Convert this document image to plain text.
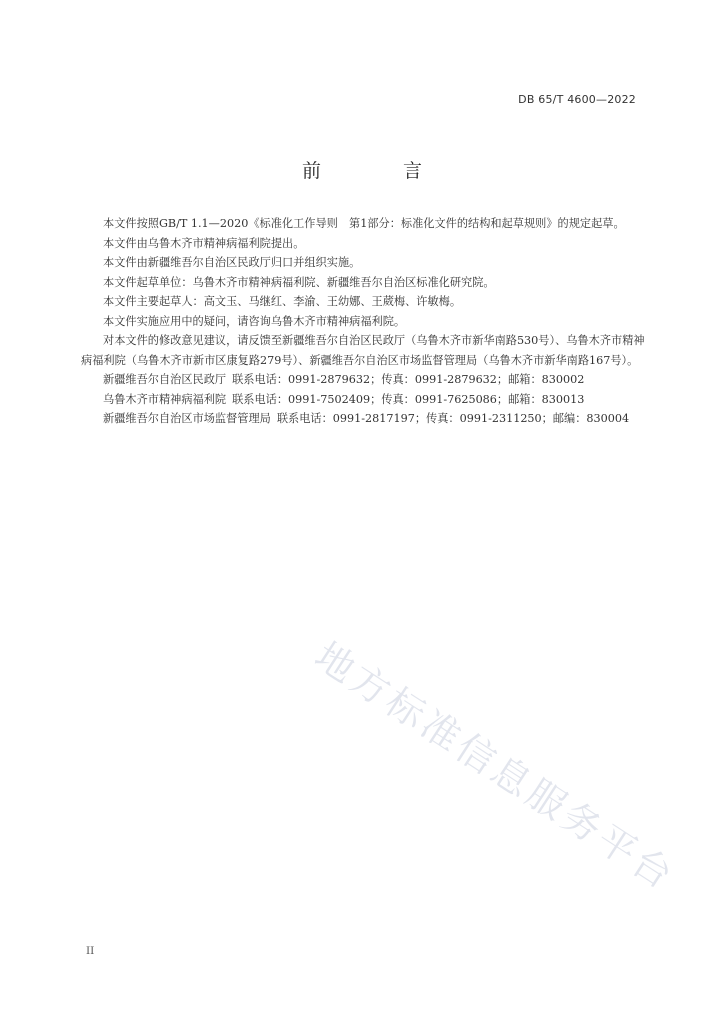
DB 65/T 4600—2022
前 言

本文件按照GB/T 1.1—2020《标准化工作导则　第1部分：标准化文件的结构和起草规则》的规定起草。

本文件由乌鲁木齐市精神病福利院提出。

本文件由新疆维吾尔自治区民政厅归口并组织实施。

本文件起草单位：乌鲁木齐市精神病福利院、新疆维吾尔自治区标准化研究院。

本文件主要起草人：高文玉、马继红、李渝、王幼娜、王葳梅、许敏梅。

本文件实施应用中的疑问，请咨询乌鲁木齐市精神病福利院。

对本文件的修改意见建议，请反馈至新疆维吾尔自治区民政厅（乌鲁木齐市新华南路530号）、乌鲁木齐市精神病福利院（乌鲁木齐市新市区康复路279号）、新疆维吾尔自治区市场监督管理局（乌鲁木齐市新华南路167号）。

新疆维吾尔自治区民政厅 联系电话：0991-2879632；传真：0991-2879632；邮箱：830002
乌鲁木齐市精神病福利院 联系电话：0991-7502409；传真：0991-7625086；邮箱：830013
新疆维吾尔自治区市场监督管理局 联系电话：0991-2817197；传真：0991-2311250；邮编：830004
地方标准信息服务平台
II
